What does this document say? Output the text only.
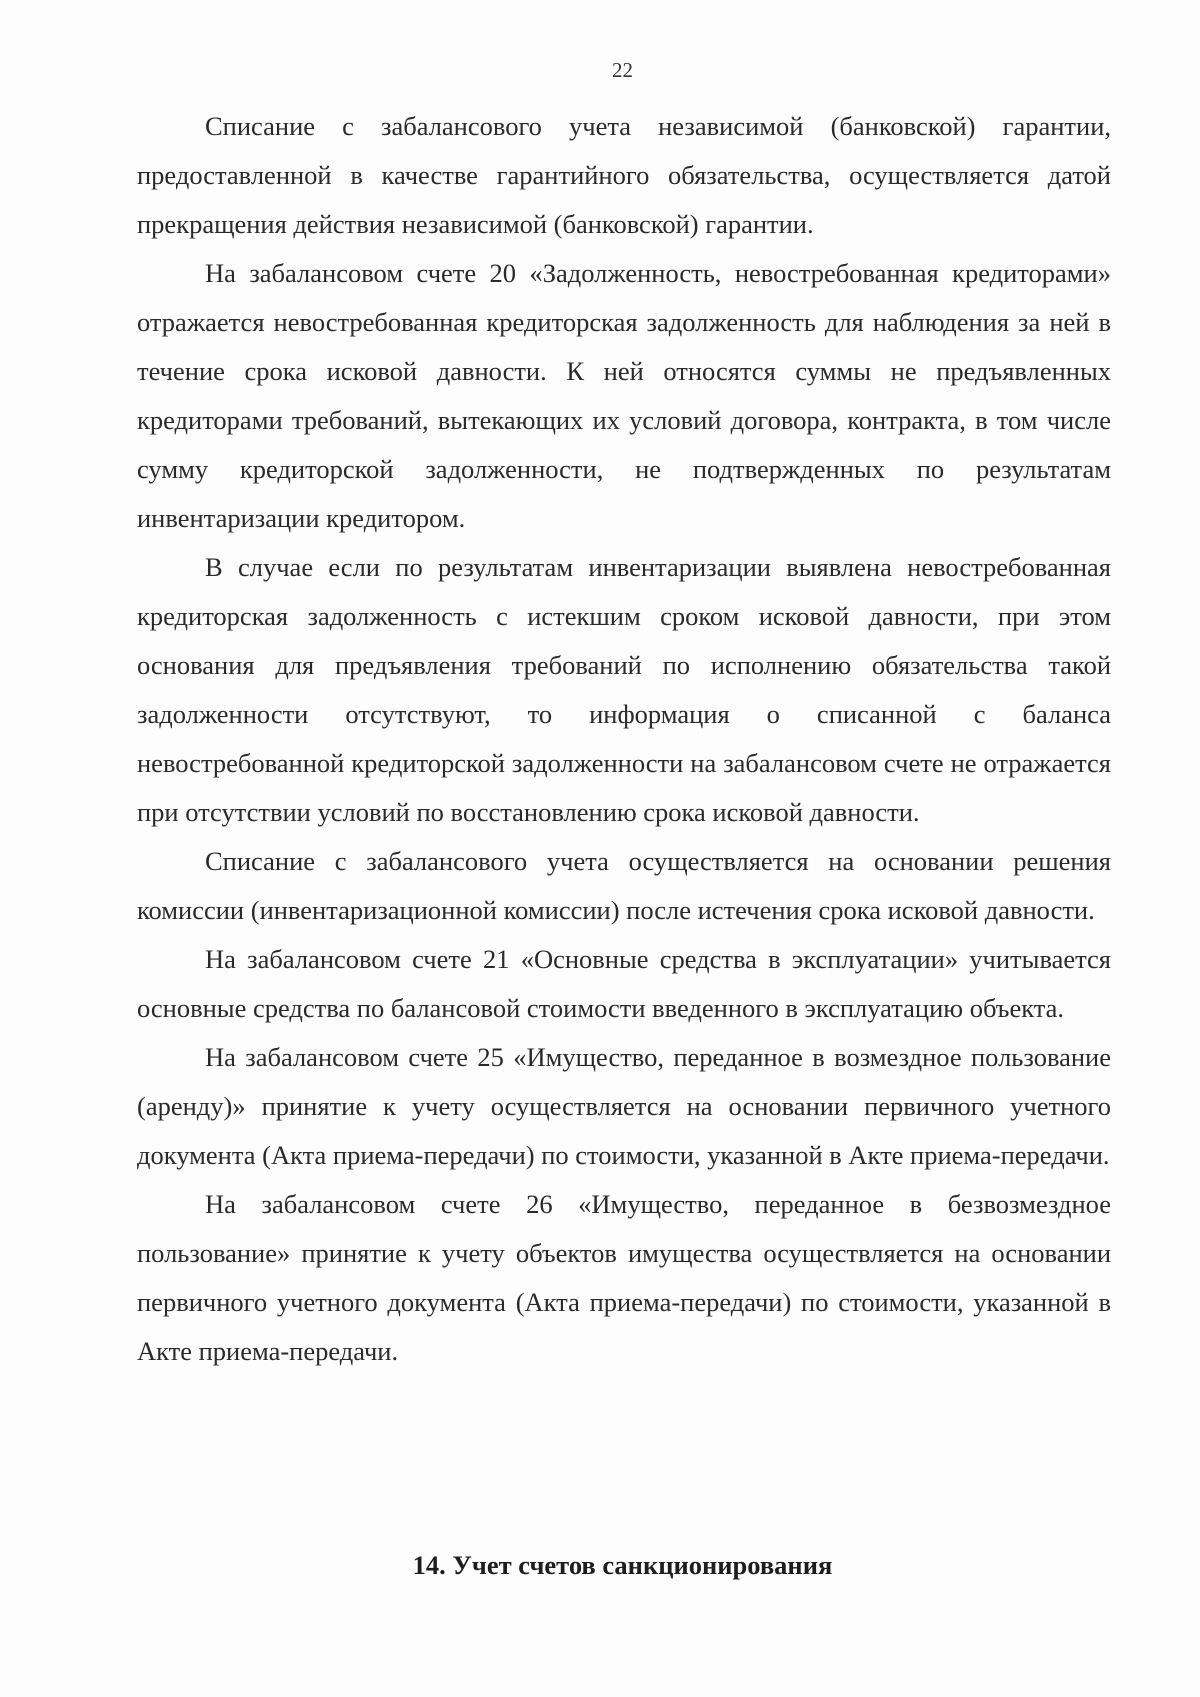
22

Списание с забалансового учета независимой (банковской) гарантии, предоставленной в качестве гарантийного обязательства, осуществляется датой прекращения действия независимой (банковской) гарантии.

На забалансовом счете 20 «Задолженность, невостребованная кредиторами» отражается невостребованная кредиторская задолженность для наблюдения за ней в течение срока исковой давности. К ней относятся суммы не предъявленных кредиторами требований, вытекающих их условий договора, контракта, в том числе сумму кредиторской задолженности, не подтвержденных по результатам инвентаризации кредитором.

В случае если по результатам инвентаризации выявлена невостребованная кредиторская задолженность с истекшим сроком исковой давности, при этом основания для предъявления требований по исполнению обязательства такой задолженности отсутствуют, то информация о списанной с баланса невостребованной кредиторской задолженности на забалансовом счете не отражается при отсутствии условий по восстановлению срока исковой давности.

Списание с забалансового учета осуществляется на основании решения комиссии (инвентаризационной комиссии) после истечения срока исковой давности.

На забалансовом счете 21 «Основные средства в эксплуатации» учитывается основные средства по балансовой стоимости введенного в эксплуатацию объекта.

На забалансовом счете 25 «Имущество, переданное в возмездное пользование (аренду)» принятие к учету осуществляется на основании первичного учетного документа (Акта приема-передачи) по стоимости, указанной в Акте приема-передачи.

На забалансовом счете 26 «Имущество, переданное в безвозмездное пользование» принятие к учету объектов имущества осуществляется на основании первичного учетного документа (Акта приема-передачи) по стоимости, указанной в Акте приема-передачи.

14. Учет счетов санкционирования
